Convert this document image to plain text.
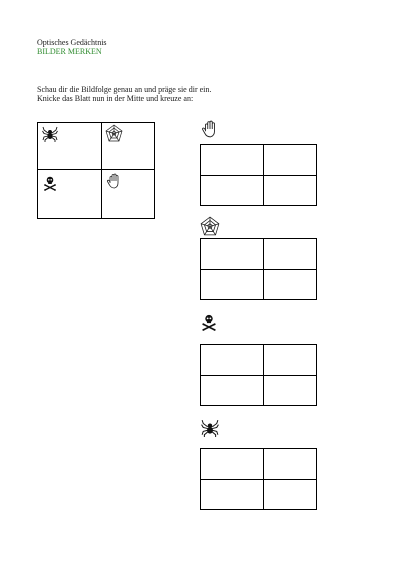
Optisches Gedächtnis
BILDER MERKEN
Schau dir die Bildfolge genau an und präge sie dir ein.
Knicke das Blatt nun in der Mitte und kreuze an:
